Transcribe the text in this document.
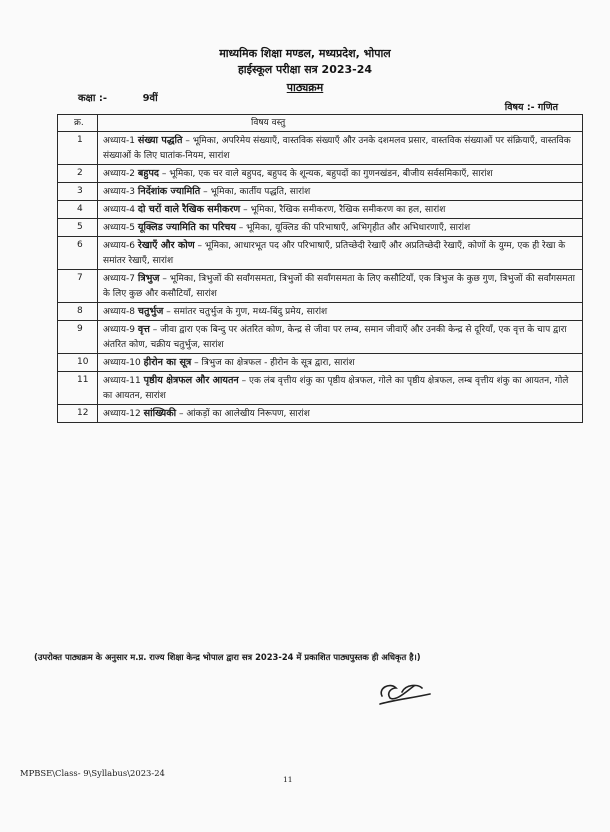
माध्यमिक शिक्षा मण्डल, मध्यप्रदेश, भोपाल
हाईस्कूल परीक्षा सत्र 2023-24
पाठ्यक्रम
कक्षा :-	9वीं
विषय :- गणित
क्र.	विषय वस्तु
1	अध्याय-1 संख्या पद्धति – भूमिका, अपरिमेय संख्याएँ, वास्तविक संख्याएँ और उनके दशमलव प्रसार, वास्तविक संख्याओं पर संक्रियाएँ, वास्तविक संख्याओं के लिए घातांक-नियम, सारांश
2	अध्याय-2 बहुपद – भूमिका, एक चर वाले बहुपद, बहुपद के शून्यक, बहुपदों का गुणनखंडन, बीजीय सर्वसमिकाएँ, सारांश
3	अध्याय-3 निर्देशांक ज्यामिति – भूमिका, कार्तीय पद्धति, सारांश
4	अध्याय-4 दो चरों वाले रैखिक समीकरण – भूमिका, रैखिक समीकरण, रैखिक समीकरण का हल, सारांश
5	अध्याय-5 यूक्लिड ज्यामिति का परिचय – भूमिका, यूक्लिड की परिभाषाएँ, अभिगृहीत और अभिधारणाएँ, सारांश
6	अध्याय-6 रेखाएँ और कोण – भूमिका, आधारभूत पद और परिभाषाएँ, प्रतिच्छेदी रेखाएँ और अप्रतिच्छेदी रेखाएँ, कोणों के युग्म, एक ही रेखा के समांतर रेखाएँ, सारांश
7	अध्याय-7 त्रिभुज – भूमिका, त्रिभुजों की सर्वांगसमता, त्रिभुजों की सर्वांगसमता के लिए कसौटियाँ, एक त्रिभुज के कुछ गुण, त्रिभुजों की सर्वांगसमता के लिए कुछ और कसौटियाँ, सारांश
8	अध्याय-8 चतुर्भुज – समांतर चतुर्भुज के गुण, मध्य-बिंदु प्रमेय, सारांश
9	अध्याय-9 वृत्त – जीवा द्वारा एक बिन्दु पर अंतरित कोण, केन्द्र से जीवा पर लम्ब, समान जीवाएँ और उनकी केन्द्र से दूरियाँ, एक वृत्त के चाप द्वारा अंतरित कोण, चक्रीय चतुर्भुज, सारांश
10	अध्याय-10 हीरोन का सूत्र – त्रिभुज का क्षेत्रफल - हीरोन के सूत्र द्वारा, सारांश
11	अध्याय-11 पृष्ठीय क्षेत्रफल और आयतन – एक लंब वृत्तीय शंकु का पृष्ठीय क्षेत्रफल, गोले का पृष्ठीय क्षेत्रफल, लम्ब वृत्तीय शंकु का आयतन, गोले का आयतन, सारांश
12	अध्याय-12 सांख्यिकी – आंकड़ों का आलेखीय निरूपण, सारांश
(उपरोक्त पाठ्यक्रम के अनुसार म.प्र. राज्य शिक्षा केन्द्र भोपाल द्वारा सत्र 2023-24 में प्रकाशित पाठ्यपुस्तक ही अधिकृत है।)
MPBSE\Class- 9\Syllabus\2023-24
11
